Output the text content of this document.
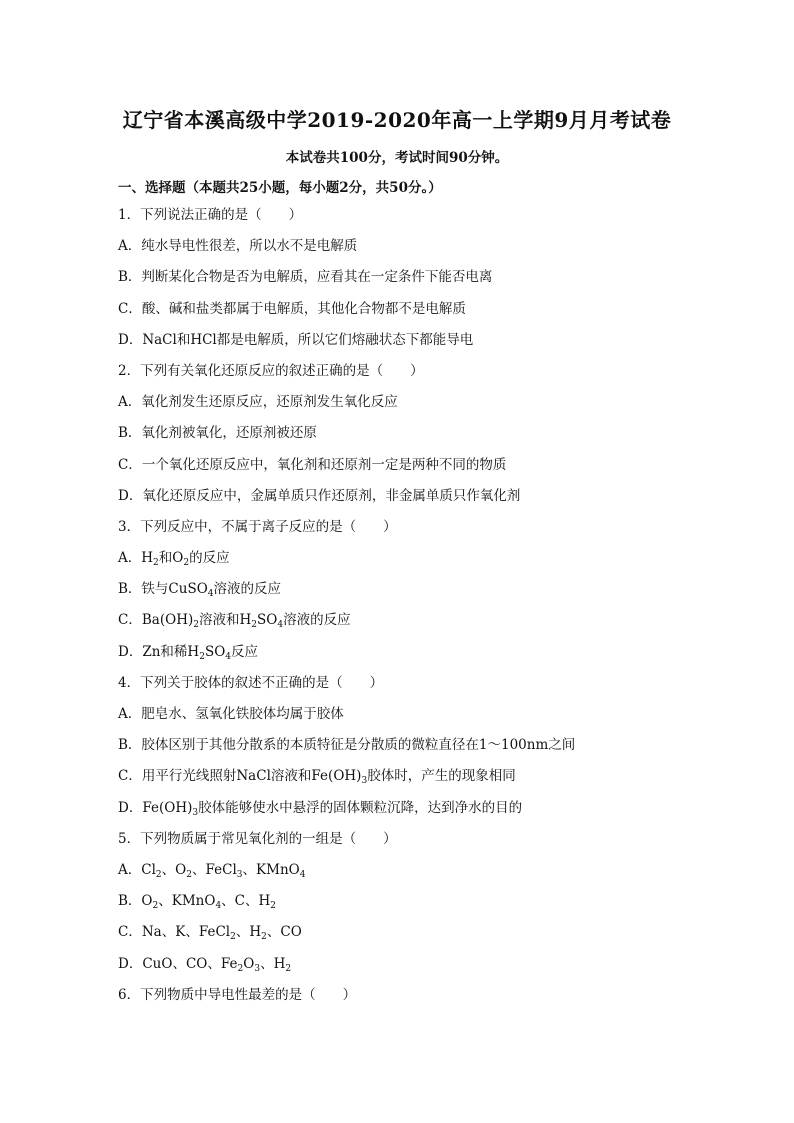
辽宁省本溪高级中学2019-2020年高一上学期9月月考试卷
本试卷共100分，考试时间90分钟。
一、选择题（本题共25小题，每小题2分，共50分。）
1．下列说法正确的是（　　）
A．纯水导电性很差，所以水不是电解质
B．判断某化合物是否为电解质，应看其在一定条件下能否电离
C．酸、碱和盐类都属于电解质，其他化合物都不是电解质
D．NaCl和HCl都是电解质，所以它们熔融状态下都能导电
2．下列有关氧化还原反应的叙述正确的是（　　）
A．氧化剂发生还原反应，还原剂发生氧化反应
B．氧化剂被氧化，还原剂被还原
C．一个氧化还原反应中，氧化剂和还原剂一定是两种不同的物质
D．氧化还原反应中，金属单质只作还原剂，非金属单质只作氧化剂
3．下列反应中，不属于离子反应的是（　　）
A．$H_2$和$O_2$的反应
B．铁与CuSO$_4$溶液的反应
C．$Ba(OH)_2$溶液和$H_2SO_4$溶液的反应
D．Zn和稀$H_2SO_4$反应
4．下列关于胶体的叙述不正确的是（　　）
A．肥皂水、氢氧化铁胶体均属于胶体
B．胶体区别于其他分散系的本质特征是分散质的微粒直径在1～100nm之间
C．用平行光线照射NaCl溶液和$Fe(OH)_3$胶体时，产生的现象相同
D．$Fe(OH)_3$胶体能够使水中悬浮的固体颗粒沉降，达到净水的目的
5．下列物质属于常见氧化剂的一组是（　　）
A．$Cl_2$、$O_2$、FeCl$_3$、KMnO$_4$
B．$O_2$、KMnO$_4$、C、$H_2$
C．Na、K、FeCl$_2$、$H_2$、CO
D．CuO、CO、$Fe_2O_3$、$H_2$
6．下列物质中导电性最差的是（　　）
